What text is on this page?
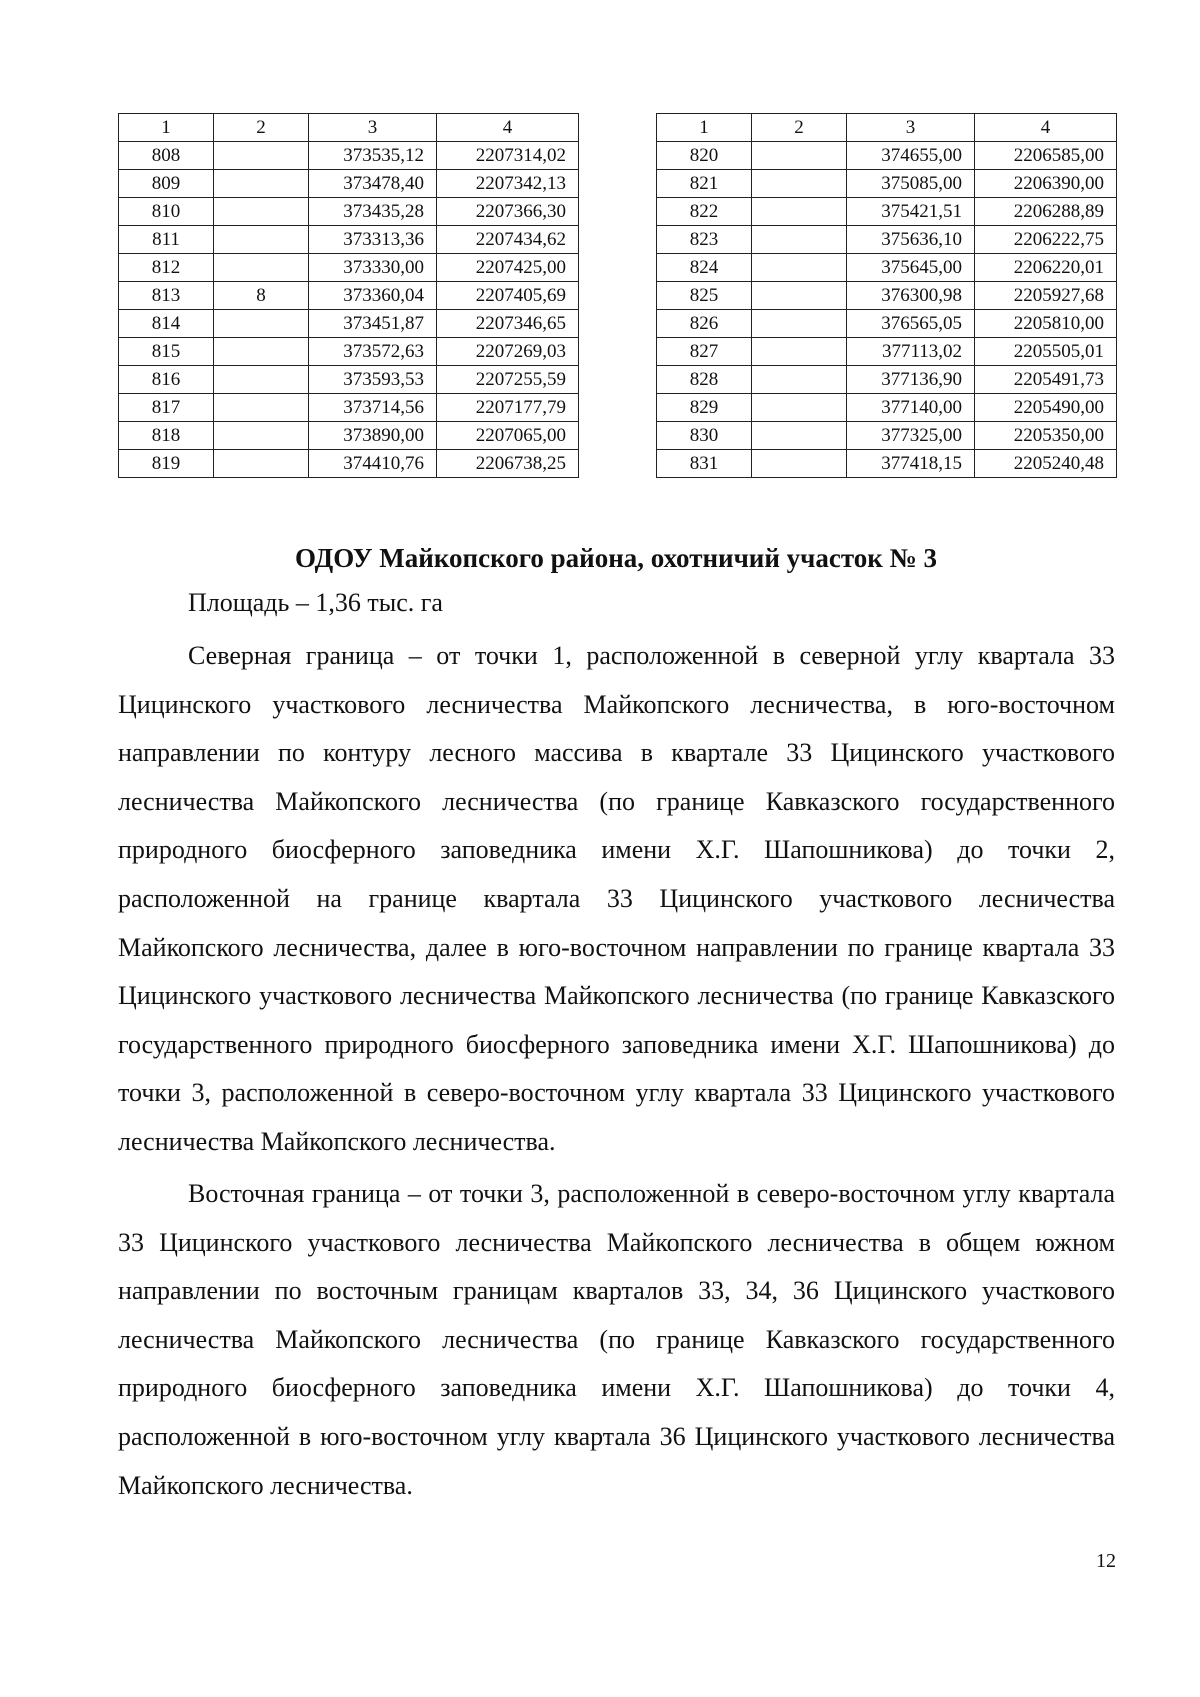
1	2	3	4
808		373535,12	2207314,02
809		373478,40	2207342,13
810		373435,28	2207366,30
811		373313,36	2207434,62
812		373330,00	2207425,00
813	8	373360,04	2207405,69
814		373451,87	2207346,65
815		373572,63	2207269,03
816		373593,53	2207255,59
817		373714,56	2207177,79
818		373890,00	2207065,00
819		374410,76	2206738,25
1	2	3	4
820		374655,00	2206585,00
821		375085,00	2206390,00
822		375421,51	2206288,89
823		375636,10	2206222,75
824		375645,00	2206220,01
825		376300,98	2205927,68
826		376565,05	2205810,00
827		377113,02	2205505,01
828		377136,90	2205491,73
829		377140,00	2205490,00
830		377325,00	2205350,00
831		377418,15	2205240,48
ОДОУ Майкопского района, охотничий участок № 3
Площадь – 1,36 тыс. га

Северная граница – от точки 1, расположенной в северной углу квартала 33 Цицинского участкового лесничества Майкопского лесничества, в юго-восточном направлении по контуру лесного массива в квартале 33 Цицинского участкового лесничества Майкопского лесничества (по границе Кавказского государственного природного биосферного заповедника имени Х.Г. Шапошникова) до точки 2, расположенной на границе квартала 33 Цицинского участкового лесничества Майкопского лесничества, далее в юго-восточном направлении по границе квартала 33 Цицинского участкового лесничества Майкопского лесничества (по границе Кавказского государственного природного биосферного заповедника имени Х.Г. Шапошникова) до точки 3, расположенной в северо-восточном углу квартала 33 Цицинского участкового лесничества Майкопского лесничества.

Восточная граница – от точки 3, расположенной в северо-восточном углу квартала 33 Цицинского участкового лесничества Майкопского лесничества в общем южном направлении по восточным границам кварталов 33, 34, 36 Цицинского участкового лесничества Майкопского лесничества (по границе Кавказского государственного природного биосферного заповедника имени Х.Г. Шапошникова) до точки 4, расположенной в юго-восточном углу квартала 36 Цицинского участкового лесничества Майкопского лесничества.

12
